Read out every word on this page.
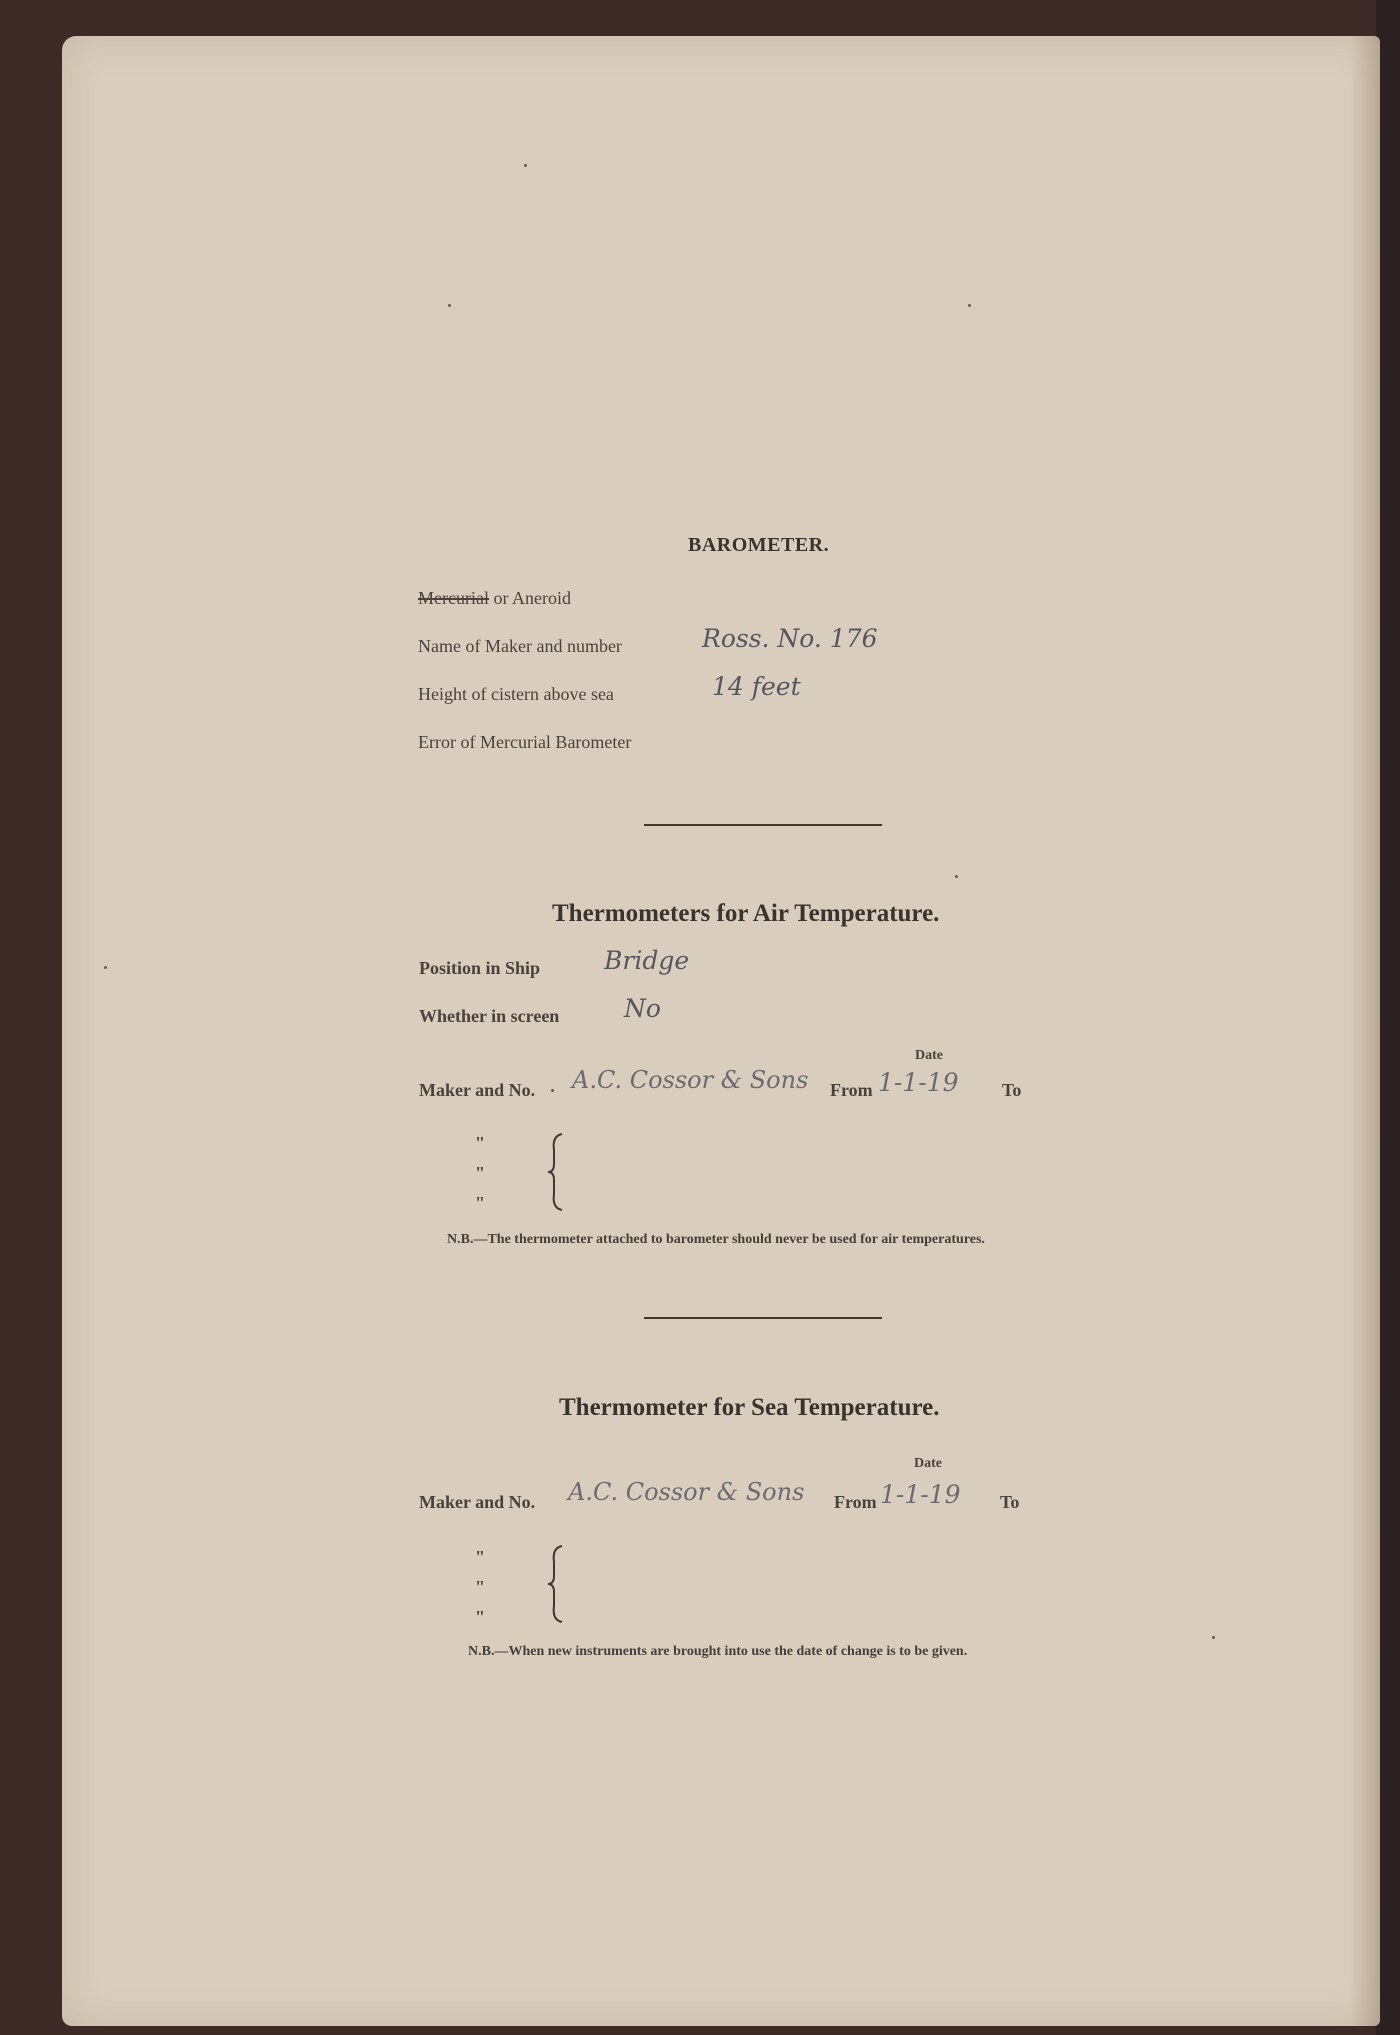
BAROMETER.
Mercurial or Aneroid
Name of Maker and number	Ross. No. 176
Height of cistern above sea	14 feet
Error of Mercurial Barometer
Thermometers for Air Temperature.
Position in Ship	Bridge
Whether in screen	No
Date
Maker and No. A.C. Cossor & Sons From 1-1-19 To
"
"
"
N.B.—The thermometer attached to barometer should never be used for air temperatures.
Thermometer for Sea Temperature.
Date
Maker and No. A.C. Cossor & Sons From 1-1-19 To
"
"
"
N.B.—When new instruments are brought into use the date of change is to be given.
